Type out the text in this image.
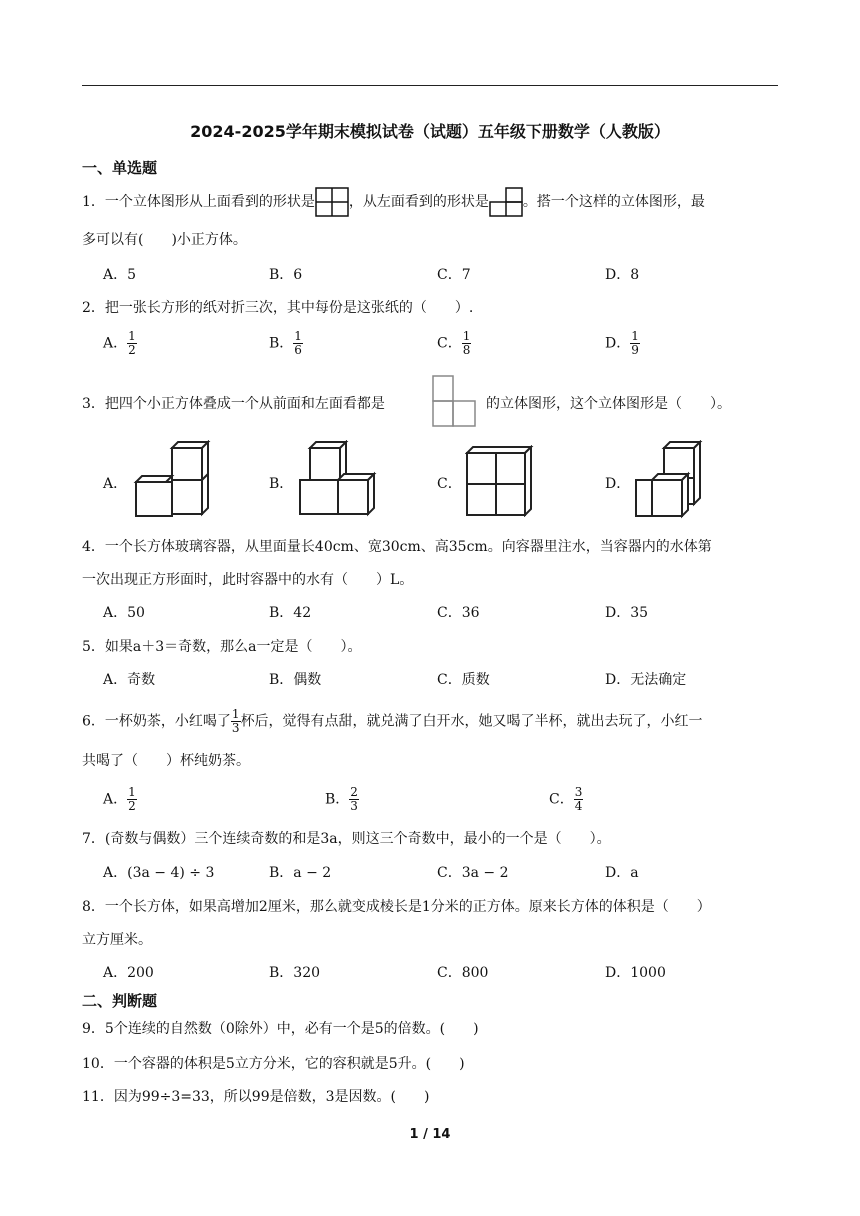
2024-2025学年期末模拟试卷（试题）五年级下册数学（人教版）
一、单选题
1．一个立体图形从上面看到的形状是 ，从左面看到的形状是 。搭一个这样的立体图形，最
多可以有(　　)小正方体。
A．5	B．6	C．7	D．8
2．把一张长方形的纸对折三次，其中每份是这张纸的（　　）.
A． $\frac{1}{2}$	B． $\frac{1}{6}$	C． $\frac{1}{8}$	D． $\frac{1}{9}$
3．把四个小正方体叠成一个从前面和左面看都是	的立体图形，这个立体图形是（　　）。
A．	B．	C．	D．
4．一个长方体玻璃容器，从里面量长40cm、宽30cm、高35cm。向容器里注水，当容器内的水体第
一次出现正方形面时，此时容器中的水有（　　）L。
A．50	B．42	C．36	D．35
5．如果a＋3＝奇数，那么a一定是（　　）。
A．奇数	B．偶数	C．质数	D．无法确定
6．一杯奶茶，小红喝了 $\frac{1}{3}$ 杯后，觉得有点甜，就兑满了白开水，她又喝了半杯，就出去玩了，小红一
共喝了（　　）杯纯奶茶。
A． $\frac{1}{2}$	B． $\frac{2}{3}$	C． $\frac{3}{4}$
7．(奇数与偶数）三个连续奇数的和是3a，则这三个奇数中，最小的一个是（　　）。
A．(3a − 4) ÷ 3	B．a − 2	C．3a − 2	D．a
8．一个长方体，如果高增加2厘米，那么就变成棱长是1分米的正方体。原来长方体的体积是（　　）
立方厘米。
A．200	B．320	C．800	D．1000
二、判断题
9．5个连续的自然数（0除外）中，必有一个是5的倍数。(　　)
10．一个容器的体积是5立方分米，它的容积就是5升。(　　)
11．因为99÷3=33，所以99是倍数，3是因数。(　　)
1 / 14
